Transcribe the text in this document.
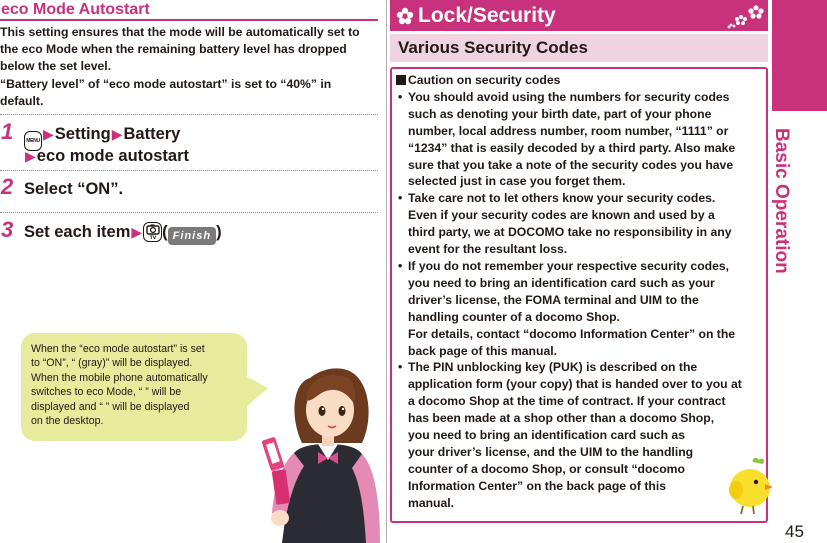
eco Mode Autostart

This setting ensures that the mode will be automatically set to

the eco Mode when the remaining battery level has dropped

below the set level.

“Battery level” of “eco mode autostart” is set to “40%” in

default.

1	MENU ▶Setting▶Battery
▶eco mode autostart
2 Select “ON”.
3 Set each item▶ TV ( Finish )
When the “eco mode autostart” is set
to “ON”, “ (gray)” will be displayed.
When the mobile phone automatically
switches to eco Mode, “ ” will be
displayed and “ ” will be displayed
on the desktop.
Lock/Security
Various Security Codes
Caution on security codes
• You should avoid using the numbers for security codes
such as denoting your birth date, part of your phone
number, local address number, room number, “1111” or
“1234” that is easily decoded by a third party. Also make
sure that you take a note of the security codes you have
selected just in case you forget them.
• Take care not to let others know your security codes.
Even if your security codes are known and used by a
third party, we at DOCOMO take no responsibility in any
event for the resultant loss.
• If you do not remember your respective security codes,
you need to bring an identification card such as your
driver’s license, the FOMA terminal and UIM to the
handling counter of a docomo Shop.
For details, contact “docomo Information Center” on the
back page of this manual.
• The PIN unblocking key (PUK) is described on the
application form (your copy) that is handed over to you at
a docomo Shop at the time of contract. If your contract
has been made at a shop other than a docomo Shop,
you need to bring an identification card such as
your driver’s license, and the UIM to the handling
counter of a docomo Shop, or consult “docomo
Information Center” on the back page of this
manual.
Basic Operation
45
